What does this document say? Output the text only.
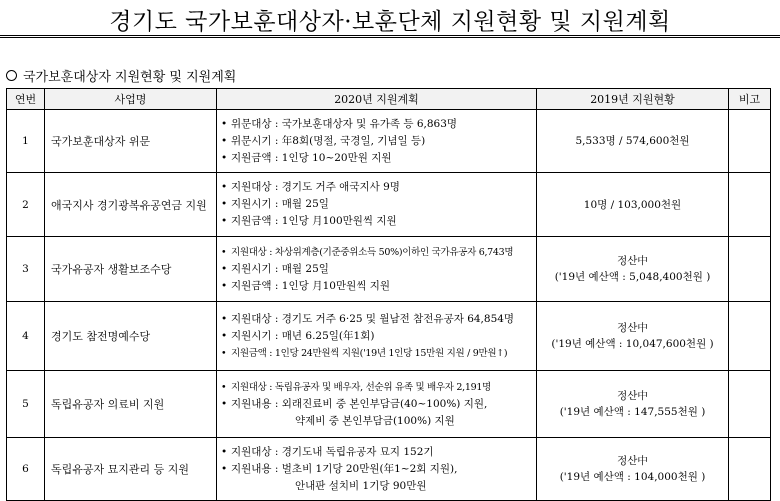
경기도 국가보훈대상자·보훈단체 지원현황 및 지원계획
국가보훈대상자 지원현황 및 지원계획
연번	사업명	2020년 지원계획	2019년 지원현황	비고
1	국가보훈대상자 위문	• 위문대상 : 국가보훈대상자 및 유가족 등 6,863명
• 위문시기 : 年8회(명절, 국경일, 기념일 등)
• 지원금액 : 1인당 10~20만원 지원	5,533명 / 574,600천원	

2	애국지사 경기광복유공연금 지원	• 지원대상 : 경기도 거주 애국지사 9명
• 지원시기 : 매월 25일
• 지원금액 : 1인당 月100만원씩 지원	10명 / 103,000천원	

3	국가유공자 생활보조수당	• 지원대상 : 차상위계층(기준중위소득 50%)이하인 국가유공자 6,743명
• 지원시기 : 매월 25일
• 지원금액 : 1인당 月10만원씩 지원	정산中
('19년 예산액 : 5,048,400천원 )	

4	경기도 참전명예수당	• 지원대상 : 경기도 거주 6·25 및 월남전 참전유공자 64,854명
• 지원시기 : 매년 6.25일(年1회)
• 지원금액 : 1인당 24만원씩 지원('19년 1인당 15만원 지원 / 9만원↑)	정산中
('19년 예산액 : 10,047,600천원 )	

5	독립유공자 의료비 지원	• 지원대상 : 독립유공자 및 배우자, 선순위 유족 및 배우자 2,191명
• 지원내용 : 외래진료비 중 본인부담금(40~100%) 지원,
약제비 중 본인부담금(100%) 지원	정산中
('19년 예산액 : 147,555천원 )	

6	독립유공자 묘지관리 등 지원	• 지원대상 : 경기도내 독립유공자 묘지 152기
• 지원내용 : 벌초비 1기당 20만원(年1~2회 지원),
안내판 설치비 1기당 90만원	정산中
('19년 예산액 : 104,000천원 )	
